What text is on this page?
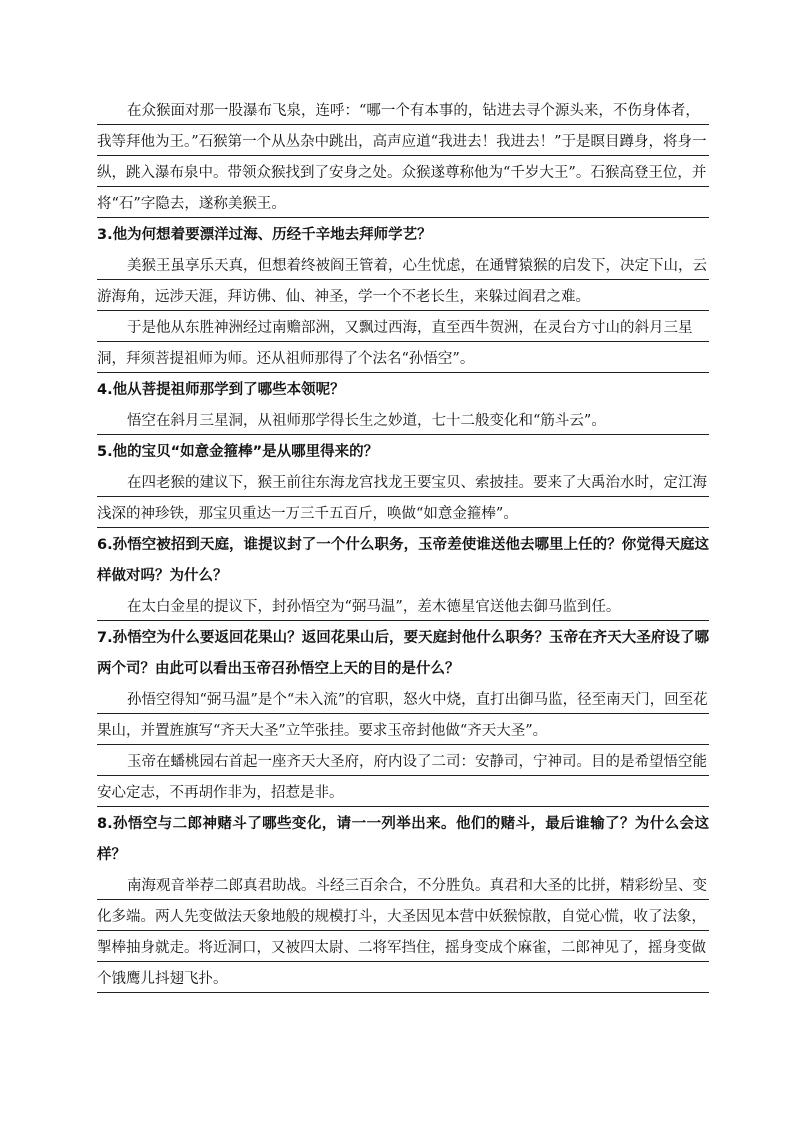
在众猴面对那一股瀑布飞泉，连呼：“哪一个有本事的，钻进去寻个源头来，不伤身体者，我等拜他为王。”石猴第一个从丛杂中跳出，高声应道“我进去！我进去！”于是瞑目蹲身，将身一纵，跳入瀑布泉中。带领众猴找到了安身之处。众猴遂尊称他为“千岁大王”。石猴高登王位，并将“石”字隐去，遂称美猴王。

3.他为何想着要漂洋过海、历经千辛地去拜师学艺？

美猴王虽享乐天真，但想着终被阎王管着，心生忧虑，在通臂猿猴的启发下，决定下山，云游海角，远涉天涯，拜访佛、仙、神圣，学一个不老长生，来躲过阎君之难。

于是他从东胜神洲经过南赡部洲，又飘过西海，直至西牛贺洲，在灵台方寸山的斜月三星洞，拜须菩提祖师为师。还从祖师那得了个法名“孙悟空”。

4.他从菩提祖师那学到了哪些本领呢？

悟空在斜月三星洞，从祖师那学得长生之妙道，七十二般变化和“筋斗云”。

5.他的宝贝“如意金箍棒”是从哪里得来的？

在四老猴的建议下，猴王前往东海龙宫找龙王要宝贝、索披挂。要来了大禹治水时，定江海浅深的神珍铁，那宝贝重达一万三千五百斤，唤做“如意金箍棒”。

6.孙悟空被招到天庭，谁提议封了一个什么职务，玉帝差使谁送他去哪里上任的？你觉得天庭这样做对吗？为什么？

在太白金星的提议下，封孙悟空为“弼马温”，差木德星官送他去御马监到任。

7.孙悟空为什么要返回花果山？返回花果山后，要天庭封他什么职务？玉帝在齐天大圣府设了哪两个司？由此可以看出玉帝召孙悟空上天的目的是什么？

孙悟空得知“弼马温”是个“未入流”的官职，怒火中烧，直打出御马监，径至南天门，回至花果山，并置旌旗写“齐天大圣”立竿张挂。要求玉帝封他做“齐天大圣”。

玉帝在蟠桃园右首起一座齐天大圣府，府内设了二司：安静司，宁神司。目的是希望悟空能安心定志，不再胡作非为，招惹是非。

8.孙悟空与二郎神赌斗了哪些变化，请一一列举出来。他们的赌斗，最后谁输了？为什么会这样？

南海观音举荐二郎真君助战。斗经三百余合，不分胜负。真君和大圣的比拼，精彩纷呈、变化多端。两人先变做法天象地般的规模打斗，大圣因见本营中妖猴惊散，自觉心慌，收了法象，掣棒抽身就走。将近洞口，又被四太尉、二将军挡住，摇身变成个麻雀，二郎神见了，摇身变做个饿鹰儿抖翅飞扑。
